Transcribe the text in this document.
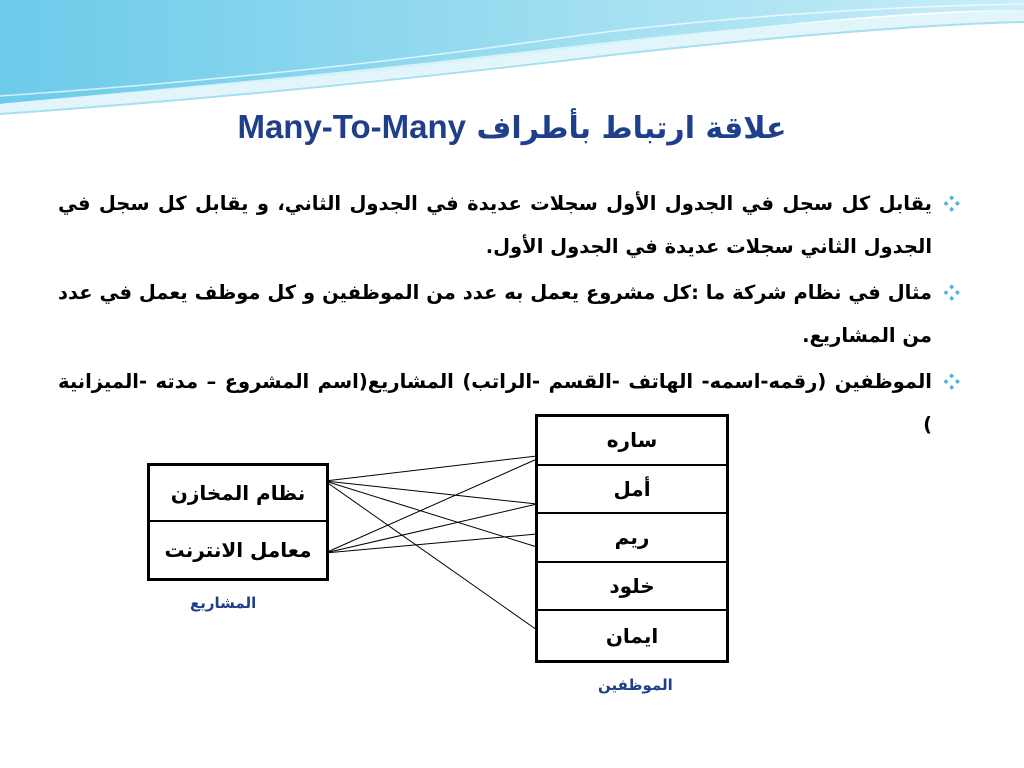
علاقة ارتباط بأطراف Many-To-Many
يقابل كل سجل في الجدول الأول سجلات عديدة في الجدول الثاني، و يقابل كل سجل في الجدول الثاني سجلات عديدة في الجدول الأول.
مثال في نظام شركة ما :كل مشروع يعمل به عدد من الموظفين و كل موظف يعمل في عدد من المشاريع.
الموظفين (رقمه-اسمه- الهاتف -القسم -الراتب) المشاريع(اسم المشروع – مدته -الميزانية )
نظام المخازن
معامل الانترنت
المشاريع
ساره
أمل
ريم
خلود
ايمان
الموظفين
